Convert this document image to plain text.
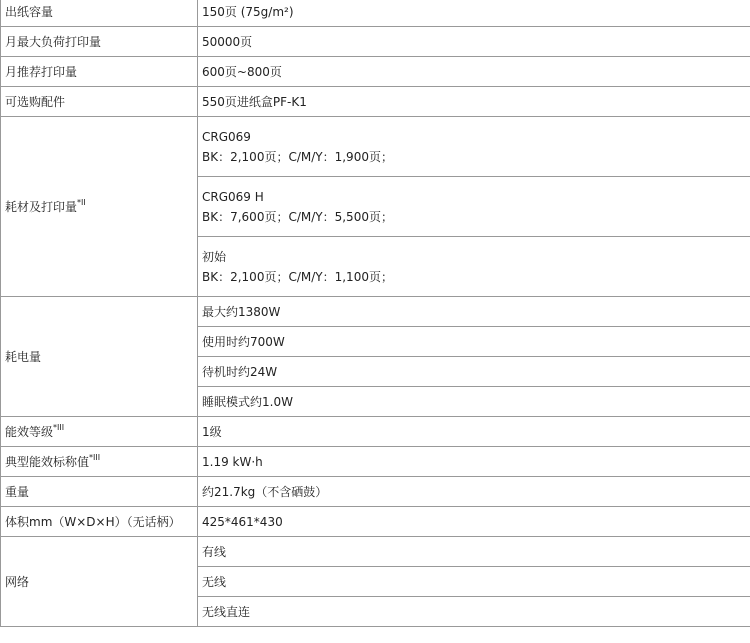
出纸容量	150页 (75g/m²)
月最大负荷打印量	50000页
月推荐打印量	600页~800页
可选购配件	550页进纸盒PF-K1
耗材及打印量$^{*II}$	CRG069
BK：2,100页；C/M/Y：1,900页；

	CRG069 H
BK：7,600页；C/M/Y：5,500页；

	初始
BK：2,100页；C/M/Y：1,100页；

耗电量	最大约1380W
	使用时约700W
	待机时约24W
	睡眠模式约1.0W
能效等级$^{*III}$	1级
典型能效标称值$^{*III}$	1.19 kW·h
重量	约21.7kg（不含硒鼓）
体积mm（W×D×H）（无话柄）	425*461*430
网络	有线
	无线
	无线直连
